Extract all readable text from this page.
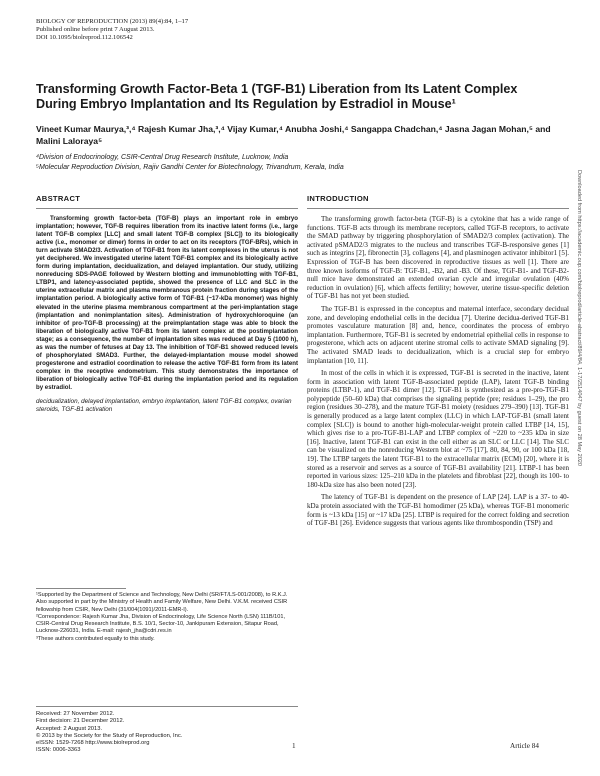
BIOLOGY OF REPRODUCTION (2013) 89(4):84, 1–17
Published online before print 7 August 2013.
DOI 10.1095/biolreprod.112.106542
Transforming Growth Factor-Beta 1 (TGF-B1) Liberation from Its Latent Complex During Embryo Implantation and Its Regulation by Estradiol in Mouse¹
Vineet Kumar Maurya,³,⁴ Rajesh Kumar Jha,³,⁴ Vijay Kumar,⁴ Anubha Joshi,⁴ Sangappa Chadchan,⁴ Jasna Jagan Mohan,⁵ and Malini Laloraya⁵
⁴Division of Endocrinology, CSIR-Central Drug Research Institute, Lucknow, India
⁵Molecular Reproduction Division, Rajiv Gandhi Center for Biotechnology, Trivandrum, Kerala, India
ABSTRACT

Transforming growth factor-beta (TGF-B) plays an important role in embryo implantation; however, TGF-B requires liberation from its inactive latent forms (i.e., large latent TGF-B complex [LLC] and small latent TGF-B complex [SLC]) to its biologically active (i.e., monomer or dimer) forms in order to act on its receptors (TGF-BRs), which in turn activate SMAD2/3. Activation of TGF-B1 from its latent complexes in the uterus is not yet deciphered. We investigated uterine latent TGF-B1 complex and its biologically active form during implantation, decidualization, and delayed implantation. Our study, utilizing nonreducing SDS-PAGE followed by Western blotting and immunoblotting with TGF-B1, LTBP1, and latency-associated peptide, showed the presence of LLC and SLC in the uterine extracellular matrix and plasma membranous protein fraction during stages of the implantation period. A biologically active form of TGF-B1 (~17-kDa monomer) was highly elevated in the uterine plasma membranous compartment at the peri-implantation stage (implantation and nonimplantation sites). Administration of hydroxychloroquine (an inhibitor of pro-TGF-B processing) at the preimplantation stage was able to block the liberation of biologically active TGF-B1 from its latent complex at the postimplantation stage; as a consequence, the number of implantation sites was reduced at Day 5 (1000 h), as was the number of fetuses at Day 13. The inhibition of TGF-B1 showed reduced levels of phosphorylated SMAD3. Further, the delayed-implantation mouse model showed progesterone and estradiol coordination to release the active TGF-B1 form from its latent complex in the receptive endometrium. This study demonstrates the importance of liberation of biologically active TGF-B1 during the implantation period and its regulation by estradiol.

decidualization, delayed implantation, embryo implantation, latent TGF-B1 complex, ovarian steroids, TGF-B1 activation

¹Supported by the Department of Science and Technology, New Delhi (SR/FT/LS-001/2008), to R.K.J. Also supported in part by the Ministry of Health and Family Welfare, New Delhi. V.K.M. received CSIR fellowship from CSIR, New Delhi (31/004(1091)/2011-EMR-I).

²Correspondence: Rajesh Kumar Jha, Division of Endocrinology, Life Science North (LSN) 111B/101, CSIR-Central Drug Research Institute, B.S. 10/1, Sector-10, Jankipuram Extension, Sitapur Road, Lucknow-226031, India. E-mail: rajesh_jha@cdri.res.in

³These authors contributed equally to this study.

Received: 27 November 2012.
First decision: 21 December 2012.
Accepted: 2 August 2013.
© 2013 by the Society for the Study of Reproduction, Inc.
eISSN: 1529-7268 http://www.biolreprod.org
ISSN: 0006-3363
INTRODUCTION

The transforming growth factor-beta (TGF-B) is a cytokine that has a wide range of functions. TGF-B acts through its membrane receptors, called TGF-B receptors, to activate the SMAD pathway by triggering phosphorylation of SMAD2/3 complex (activation). The activated pSMAD2/3 migrates to the nucleus and transcribes TGF-B-responsive genes [1] such as integrins [2], fibronectin [3], collagens [4], and plasminogen activator inhibitor1 [5]. Expression of TGF-B has been discovered in reproductive tissues as well [1]. There are three known isoforms of TGF-B: TGF-B1, -B2, and -B3. Of these, TGF-B1- and TGF-B2-null mice have demonstrated an extended ovarian cycle and irregular ovulation (40% reduction in ovulation) [6], which affects fertility; however, uterine tissue-specific deletion of TGF-B1 has not yet been studied.

The TGF-B1 is expressed in the conceptus and maternal interface, secondary decidual zone, and developing endothelial cells in the decidua [7]. Uterine decidua-derived TGF-B1 promotes vasculature maturation [8] and, hence, coordinates the process of embryo implantation. Furthermore, TGF-B1 is secreted by endometrial epithelial cells in response to progesterone, which acts on adjacent uterine stromal cells to activate SMAD signaling [9]. The activated SMAD leads to decidualization, which is a crucial step for embryo implantation [10, 11].

In most of the cells in which it is expressed, TGF-B1 is secreted in the inactive, latent form in association with latent TGF-B-associated peptide (LAP), latent TGF-B binding proteins (LTBP-1), and TGF-B1 dimer [12]. TGF-B1 is synthesized as a pre-pro-TGF-B1 polypeptide (50–60 kDa) that comprises the signaling peptide (pre; residues 1–29), the pro region (residues 30–278), and the mature TGF-B1 moiety (residues 279–390) [13]. TGF-B1 is generally produced as a large latent complex (LLC) in which LAP-TGF-B1 (small latent complex [SLC]) is bound to another high-molecular-weight protein called LTBP [14, 15], which gives rise to a pro-TGF-B1-LAP and LTBP complex of ~220 to ~235 kDa in size [16]. Inactive, latent TGF-B1 can exist in the cell either as an SLC or LLC [14]. The SLC can be visualized on the nonreducing Western blot at ~75 [17], 80, 84, 90, or 100 kDa [18, 19]. The LTBP targets the latent TGF-B1 to the extracellular matrix (ECM) [20], where it is stored as a reservoir and serves as a source of TGF-B1 availability [21]. LTBP-1 has been reported in various sizes: 125–210 kDa in the platelets and fibroblast [22], though its 100- to 180-kDa size has also been noted [23].

The latency of TGF-B1 is dependent on the presence of LAP [24]. LAP is a 37- to 40-kDa protein associated with the TGF-B1 homodimer (25 kDa), whereas TGF-B1 monomeric form is ~13 kDa [15] or ~17 kDa [25]. LTBP is required for the correct folding and secretion of TGF-B1 [26]. Evidence suggests that various agents like thrombospondin (TSP) and

Downloaded from https://academic.oup.com/biolreprod/article-abstract/89/4/84, 1-17/2514047 by guest on 28 May 2020
1	Article 84
